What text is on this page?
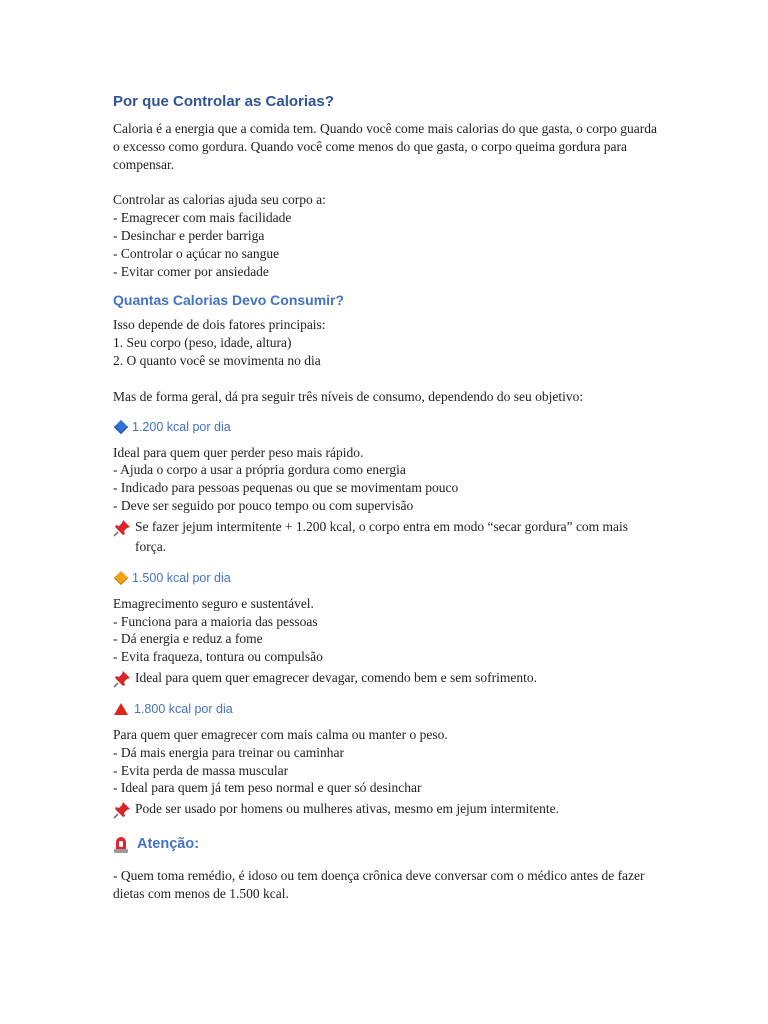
Por que Controlar as Calorias?

Caloria é a energia que a comida tem. Quando você come mais calorias do que gasta, o corpo guarda o excesso como gordura. Quando você come menos do que gasta, o corpo queima gordura para compensar.

Controlar as calorias ajuda seu corpo a:

- Emagrecer com mais facilidade

- Desinchar e perder barriga

- Controlar o açúcar no sangue

- Evitar comer por ansiedade

Quantas Calorias Devo Consumir?

Isso depende de dois fatores principais:

1. Seu corpo (peso, idade, altura)

2. O quanto você se movimenta no dia

Mas de forma geral, dá pra seguir três níveis de consumo, dependendo do seu objetivo:

1.200 kcal por dia

Ideal para quem quer perder peso mais rápido.

- Ajuda o corpo a usar a própria gordura como energia

- Indicado para pessoas pequenas ou que se movimentam pouco

- Deve ser seguido por pouco tempo ou com supervisão

Se fazer jejum intermitente + 1.200 kcal, o corpo entra em modo “secar gordura” com mais força.
1.500 kcal por dia

Emagrecimento seguro e sustentável.

- Funciona para a maioria das pessoas

- Dá energia e reduz a fome

- Evita fraqueza, tontura ou compulsão

Ideal para quem quer emagrecer devagar, comendo bem e sem sofrimento.
1.800 kcal por dia

Para quem quer emagrecer com mais calma ou manter o peso.

- Dá mais energia para treinar ou caminhar

- Evita perda de massa muscular

- Ideal para quem já tem peso normal e quer só desinchar

Pode ser usado por homens ou mulheres ativas, mesmo em jejum intermitente.
Atenção:

- Quem toma remédio, é idoso ou tem doença crônica deve conversar com o médico antes de fazer dietas com menos de 1.500 kcal.
